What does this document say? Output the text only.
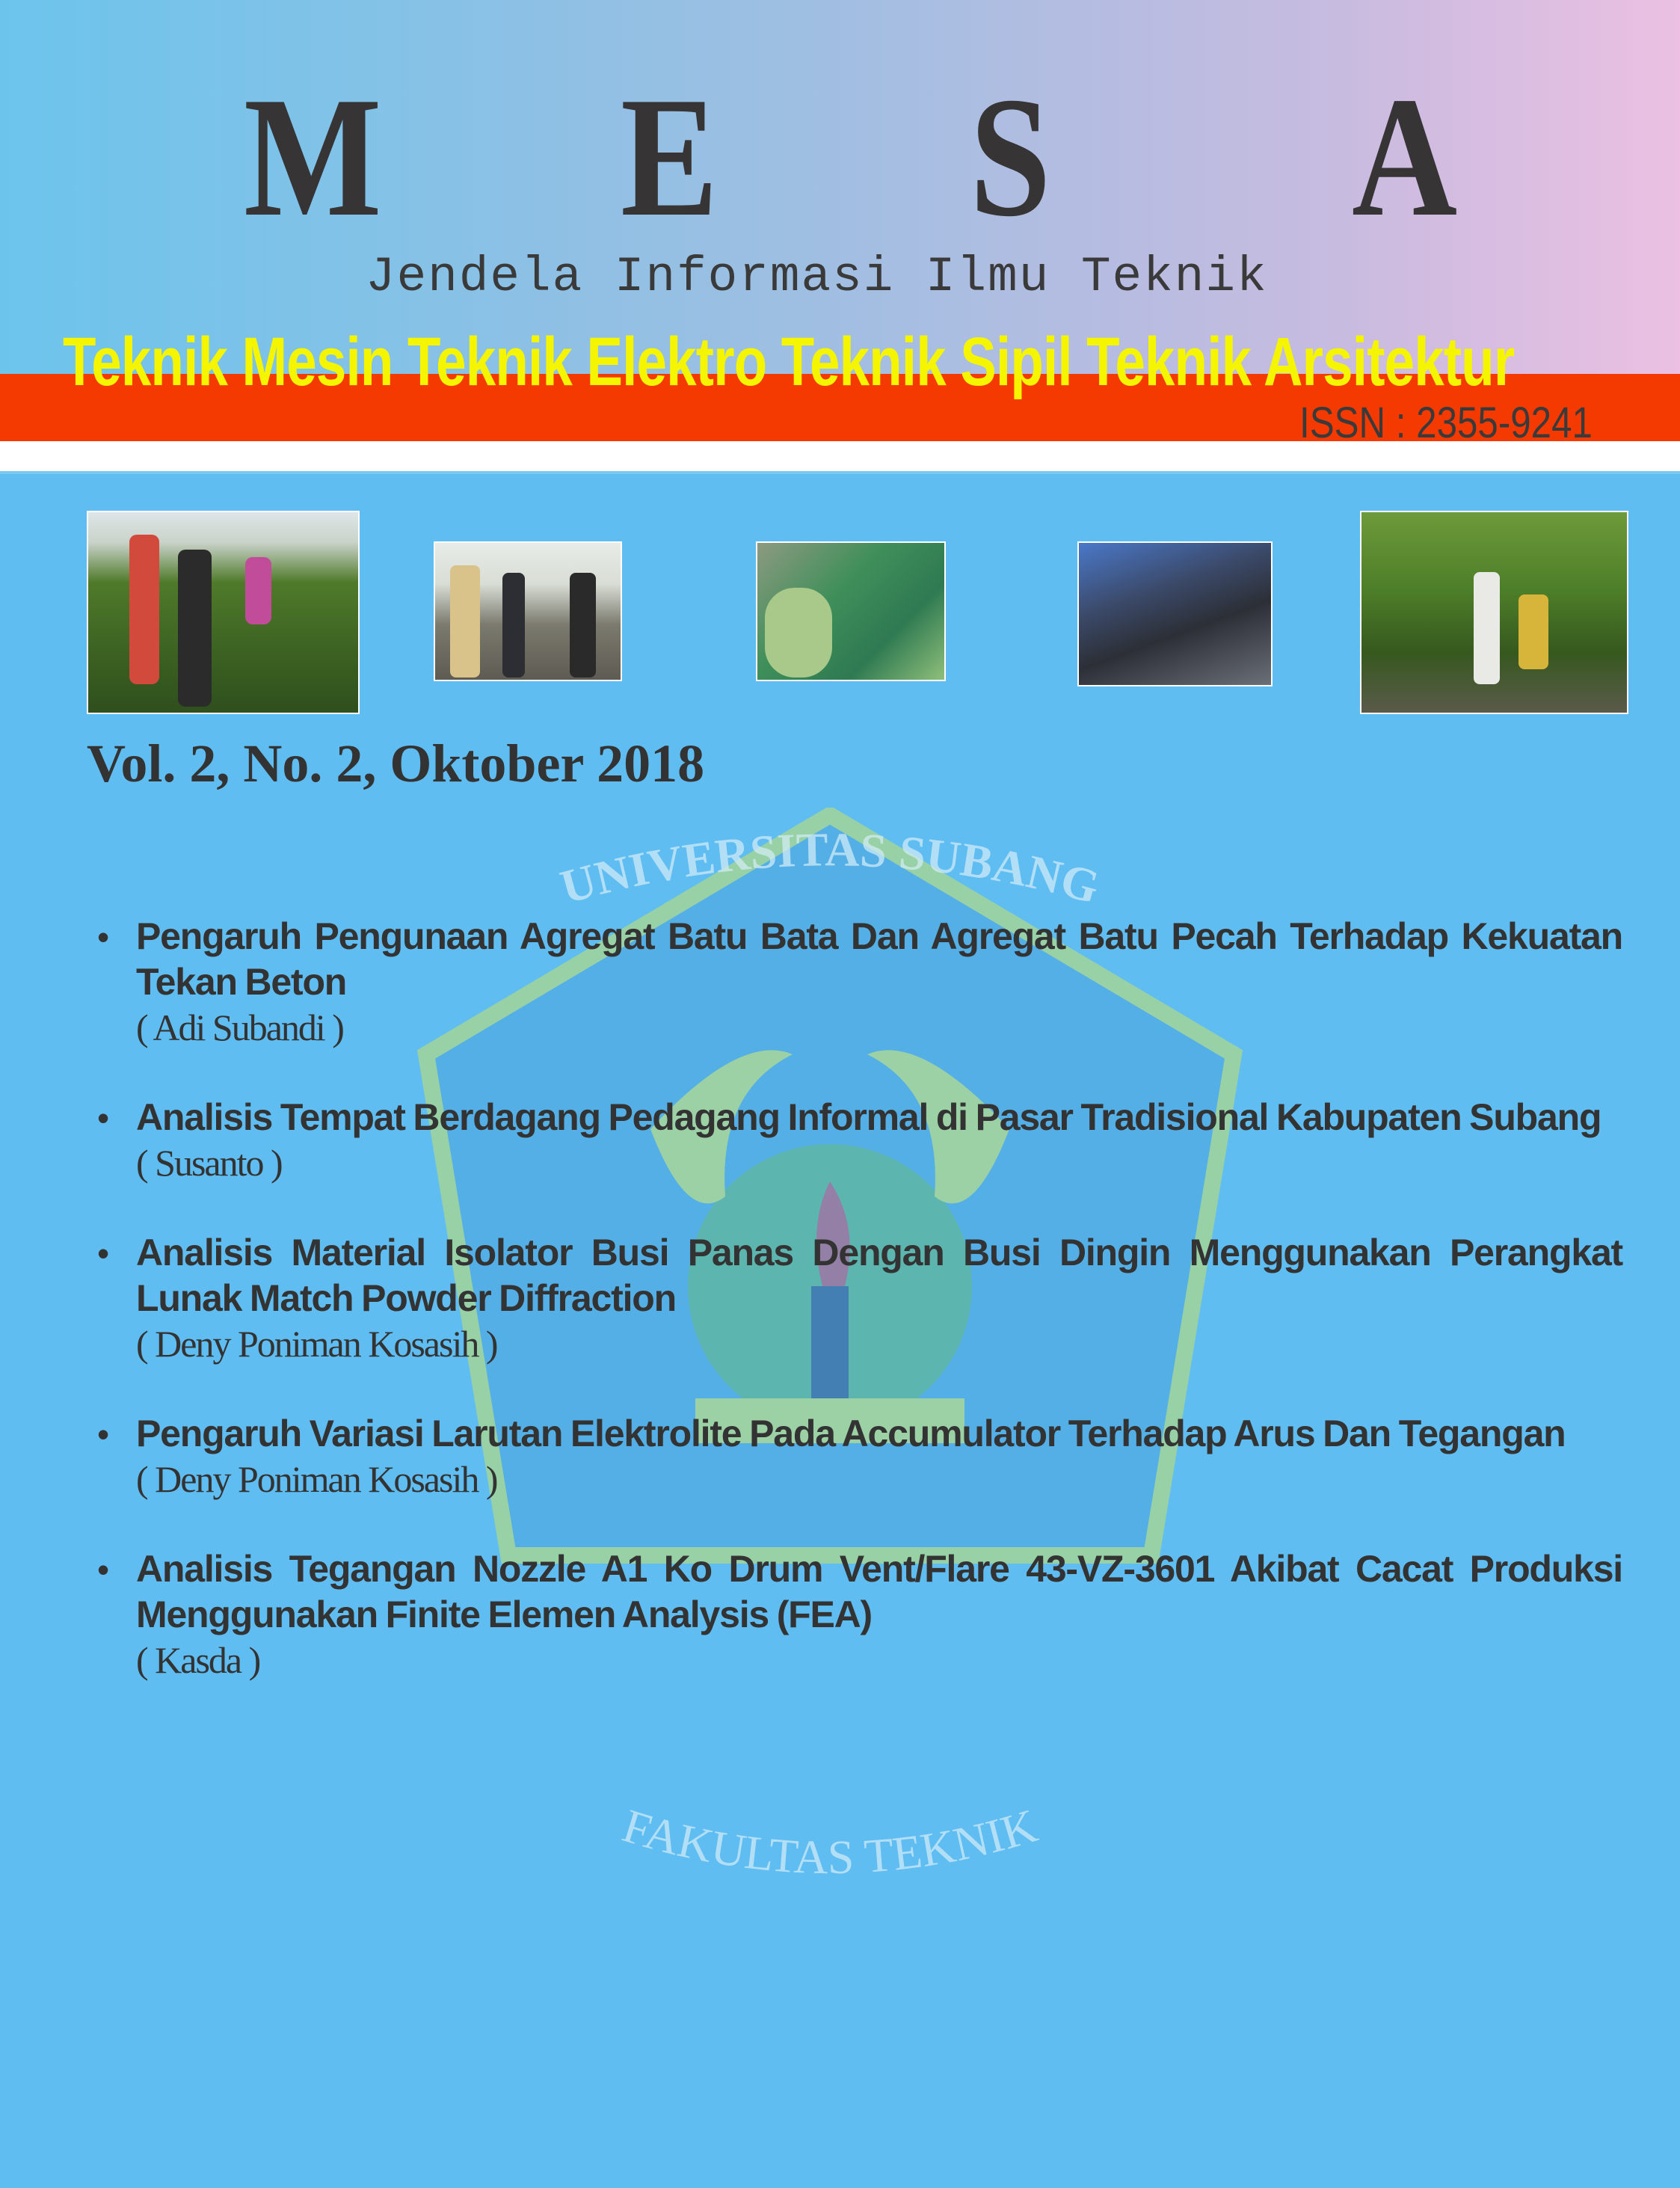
M E S A
Jendela Informasi Ilmu Teknik
Teknik Mesin Teknik Elektro Teknik Sipil Teknik Arsitektur
ISSN : 2355-9241
Vol. 2, No. 2, Oktober 2018
UNIVERSITAS SUBANG
• Pengaruh Pengunaan Agregat Batu Bata Dan Agregat Batu Pecah Terhadap Kekuatan Tekan Beton
( Adi Subandi )
• Analisis Tempat Berdagang Pedagang Informal di Pasar Tradisional Kabupaten Subang
( Susanto )
• Analisis Material Isolator Busi Panas Dengan Busi Dingin Menggunakan Perangkat Lunak Match Powder Diffraction
( Deny Poniman Kosasih )
• Pengaruh Variasi Larutan Elektrolite Pada Accumulator Terhadap Arus Dan Tegangan
( Deny Poniman Kosasih )
• Analisis Tegangan Nozzle A1 Ko Drum Vent/Flare 43-VZ-3601 Akibat Cacat Produksi Menggunakan Finite Elemen Analysis (FEA)
( Kasda )
FAKULTAS TEKNIK
